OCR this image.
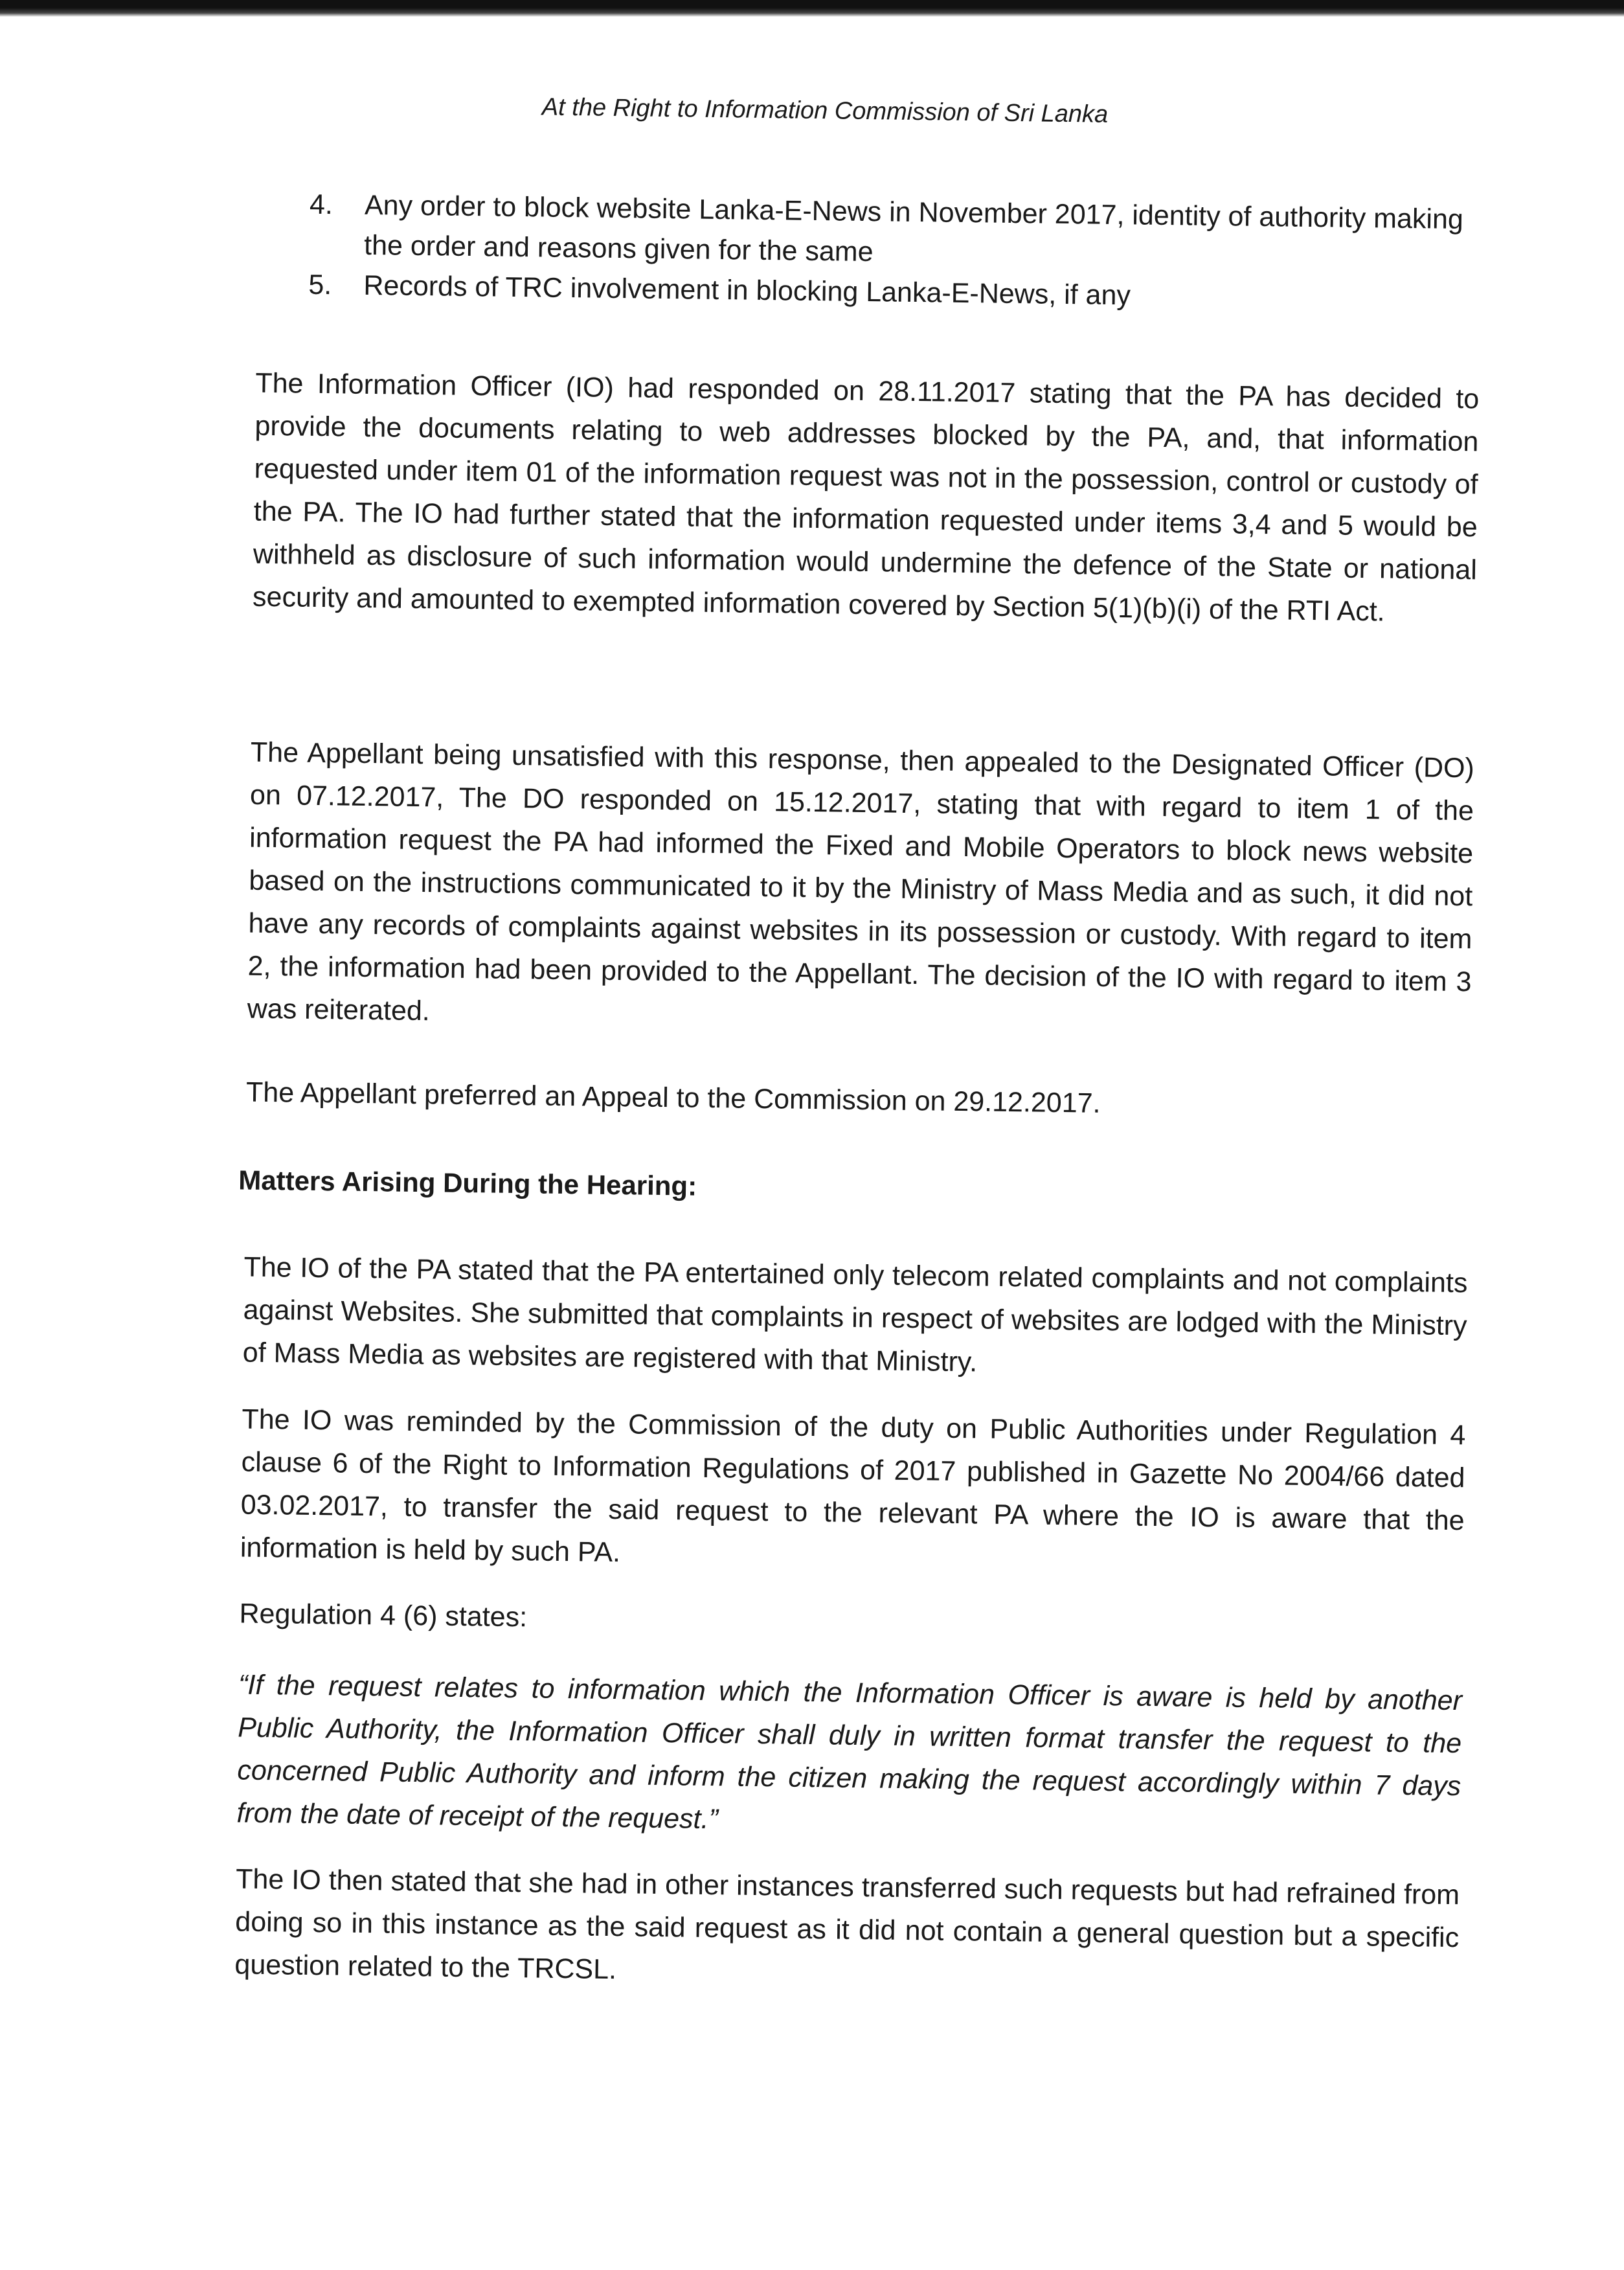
At the Right to Information Commission of Sri Lanka
4. Any order to block website Lanka-E-News in November 2017, identity of authority making the order and reasons given for the same
5. Records of TRC involvement in blocking Lanka-E-News, if any

The Information Officer (IO) had responded on 28.11.2017 stating that the PA has decided to provide the documents relating to web addresses blocked by the PA, and, that information requested under item 01 of the information request was not in the possession, control or custody of the PA. The IO had further stated that the information requested under items 3,4 and 5 would be withheld as disclosure of such information would undermine the defence of the State or national security and amounted to exempted information covered by Section 5(1)(b)(i) of the RTI Act.

The Appellant being unsatisfied with this response, then appealed to the Designated Officer (DO) on 07.12.2017, The DO responded on 15.12.2017, stating that with regard to item 1 of the information request the PA had informed the Fixed and Mobile Operators to block news website based on the instructions communicated to it by the Ministry of Mass Media and as such, it did not have any records of complaints against websites in its possession or custody. With regard to item 2, the information had been provided to the Appellant. The decision of the IO with regard to item 3 was reiterated.

The Appellant preferred an Appeal to the Commission on 29.12.2017.

Matters Arising During the Hearing:

The IO of the PA stated that the PA entertained only telecom related complaints and not complaints against Websites. She submitted that complaints in respect of websites are lodged with the Ministry of Mass Media as websites are registered with that Ministry.

The IO was reminded by the Commission of the duty on Public Authorities under Regulation 4 clause 6 of the Right to Information Regulations of 2017 published in Gazette No 2004/66 dated 03.02.2017, to transfer the said request to the relevant PA where the IO is aware that the information is held by such PA.

Regulation 4 (6) states:

“If the request relates to information which the Information Officer is aware is held by another Public Authority, the Information Officer shall duly in written format transfer the request to the concerned Public Authority and inform the citizen making the request accordingly within 7 days from the date of receipt of the request.”

The IO then stated that she had in other instances transferred such requests but had refrained from doing so in this instance as the said request as it did not contain a general question but a specific question related to the TRCSL.
